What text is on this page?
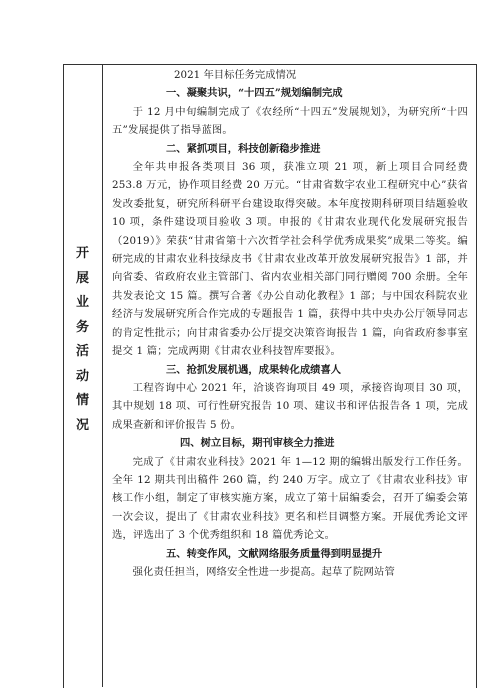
开
展
业
务
活
动
情
况

2021 年目标任务完成情况

一、凝聚共识，“十四五”规划编制完成

于 12 月中旬编制完成了《农经所“十四五”发展规划》，为研究所“十四五”发展提供了指导蓝图。

二、紧抓项目，科技创新稳步推进

全年共申报各类项目 36 项，获准立项 21 项，新上项目合同经费 253.8 万元，协作项目经费 20 万元。“甘肃省数字农业工程研究中心”获省发改委批复，研究所科研平台建设取得突破。本年度按期科研项目结题验收 10 项，条件建设项目验收 3 项。申报的《甘肃农业现代化发展研究报告（2019）》荣获“甘肃省第十六次哲学社会科学优秀成果奖”成果二等奖。编研完成的甘肃农业科技绿皮书《甘肃农业改革开放发展研究报告》1 部，并向省委、省政府农业主管部门、省内农业相关部门同行赠阅 700 余册。全年共发表论文 15 篇。撰写合著《办公自动化教程》1 部；与中国农科院农业经济与发展研究所合作完成的专题报告 1 篇，获得中共中央办公厅领导同志的肯定性批示；向甘肃省委办公厅提交决策咨询报告 1 篇，向省政府参事室提交 1 篇；完成两期《甘肃农业科技智库要报》。

三、抢抓发展机遇，成果转化成绩喜人

工程咨询中心 2021 年，洽谈咨询项目 49 项，承接咨询项目 30 项，其中规划 18 项、可行性研究报告 10 项、建议书和评估报告各 1 项，完成成果查新和评价报告 5 份。

四、树立目标，期刊审核全力推进

完成了《甘肃农业科技》2021 年 1—12 期的编辑出版发行工作任务。全年 12 期共刊出稿件 260 篇，约 240 万字。成立了《甘肃农业科技》审核工作小组，制定了审核实施方案，成立了第十届编委会，召开了编委会第一次会议，提出了《甘肃农业科技》更名和栏目调整方案。开展优秀论文评选，评选出了 3 个优秀组织和 18 篇优秀论文。

五、转变作风，文献网络服务质量得到明显提升

强化责任担当，网络安全性进一步提高。起草了院网站管
